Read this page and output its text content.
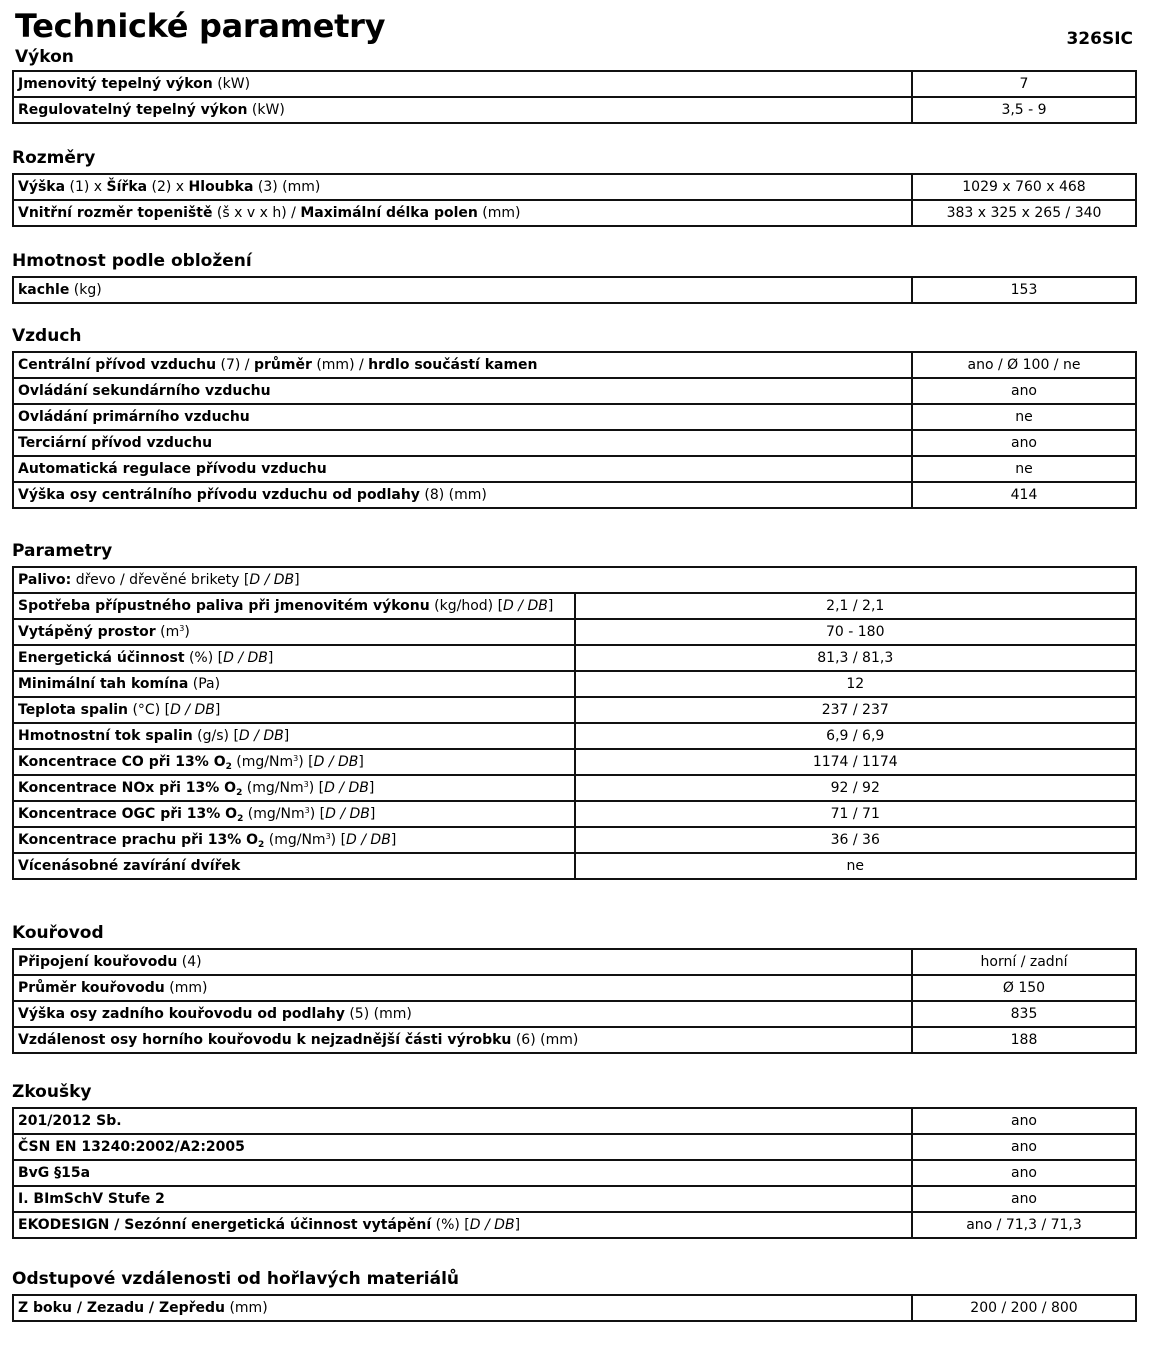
Technické parametry	326SIC
Výkon
Jmenovitý tepelný výkon (kW)	7
Regulovatelný tepelný výkon (kW)	3,5 - 9
Rozměry
Výška (1) x Šířka (2) x Hloubka (3) (mm)	1029 x 760 x 468
Vnitřní rozměr topeniště (š x v x h) / Maximální délka polen (mm)	383 x 325 x 265 / 340
Hmotnost podle obložení
kachle (kg)	153
Vzduch
Centrální přívod vzduchu (7) / průměr (mm) / hrdlo součástí kamen	ano / Ø 100 / ne
Ovládání sekundárního vzduchu	ano
Ovládání primárního vzduchu	ne
Terciární přívod vzduchu	ano
Automatická regulace přívodu vzduchu	ne
Výška osy centrálního přívodu vzduchu od podlahy (8) (mm)	414
Parametry
Palivo: dřevo / dřevěné brikety [D / DB]	
Spotřeba přípustného paliva při jmenovitém výkonu (kg/hod) [D / DB]	2,1 / 2,1
Vytápěný prostor $(m^3)$	70 - 180
Energetická účinnost (%) [D / DB]	81,3 / 81,3
Minimální tah komína (Pa)	12
Teplota spalin (°C) [D / DB]	237 / 237
Hmotnostní tok spalin (g/s) [D / DB]	6,9 / 6,9
Koncentrace CO při 13% $O_2$ (mg/Nm$^3$) [D / DB]	1174 / 1174
Koncentrace NOx při 13% $O_2$ (mg/Nm$^3$) [D / DB]	92 / 92
Koncentrace OGC při 13% $O_2$ (mg/Nm$^3$) [D / DB]	71 / 71
Koncentrace prachu při 13% $O_2$ (mg/Nm$^3$) [D / DB]	36 / 36
Vícenásobné zavírání dvířek	ne
Kouřovod
Připojení kouřovodu (4)	horní / zadní
Průměr kouřovodu (mm)	Ø 150
Výška osy zadního kouřovodu od podlahy (5) (mm)	835
Vzdálenost osy horního kouřovodu k nejzadnější části výrobku (6) (mm)	188
Zkoušky
201/2012 Sb.	ano
ČSN EN 13240:2002/A2:2005	ano
BvG §15a	ano
I. BImSchV Stufe 2	ano
EKODESIGN / Sezónní energetická účinnost vytápění (%) [D / DB]	ano / 71,3 / 71,3
Odstupové vzdálenosti od hořlavých materiálů
Z boku / Zezadu / Zepředu (mm)	200 / 200 / 800
